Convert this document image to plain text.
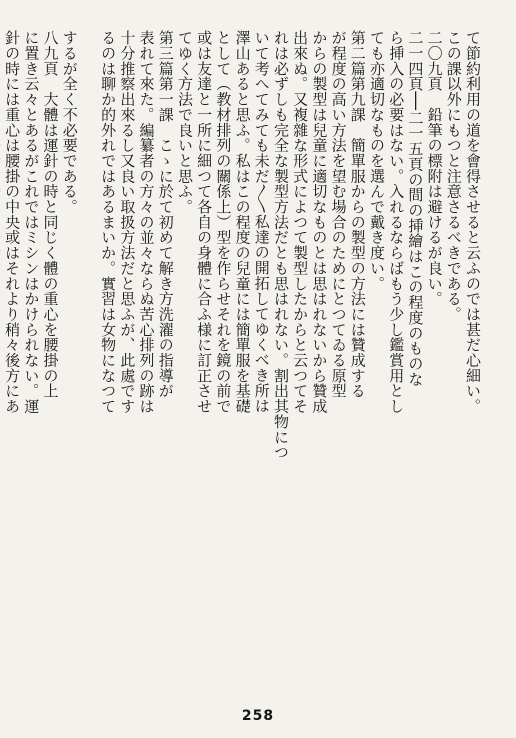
て節約利用の道を會得させると云ふのでは甚だ心細い。
この課以外にもつと注意さるべきである。
二〇九頁　鉛筆の標附は避けるが良い。
二一四頁──二一五頁の間の挿繪はこの程度のものな
ら挿入の必要はない。入れるならばもう少し鑑賞用とし
ても亦適切なものを選んで戴き度い。
第二篇第九課　簡單服からの製型の方法には贊成する
が程度の高い方法を望む場合のためにとつてゐる原型
からの製型は兒童に適切なものとは思はれないから贊成
出來ぬ。又複雜な形式によつて製型したからと云つてそ
れは必ずしも完全な製型方法だとも思はれない。割出其物につ
いて考へてみても未だ〳〵私達の開拓してゆくべき所は
澤山あると思ふ。私はこの程度の兒童には簡單服を基礎
として（教材排列の關係上）型を作らせそれを鏡の前で
或は友達と一所に細つて各自の身體に合ふ様に訂正させ
てゆく方法で良いと思ふ。
第三篇第一課　こゝに於て初めて解き方洗濯の指導が
表れて來た。編纂者の方々の並々ならぬ苦心排列の跡は
十分推察出來るし又良い取扱方法だと思ふが、此處です
るのは聊か的外れではあるまいか。實習は女物になつて

するが全く不必要である。
八九頁　大體は運針の時と同じく體の重心を腰掛の上
に置き云々とあるがこれではミシンはかけられない。運
針の時には重心は腰掛の中央或はそれより稍々後方にあ
258
